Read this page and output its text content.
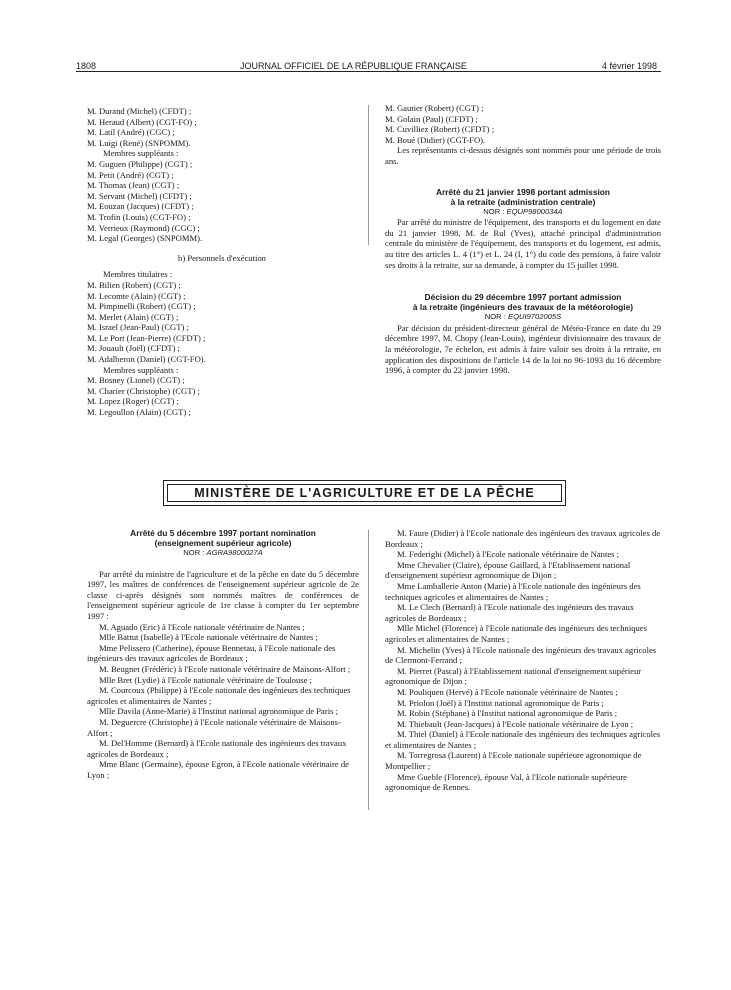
1808	JOURNAL OFFICIEL DE LA RÉPUBLIQUE FRANÇAISE	4 février 1998

M. Durand (Michel) (CFDT) ;

M. Heraud (Albert) (CGT-FO) ;

M. Latil (André) (CGC) ;

M. Luigi (René) (SNPOMM).

Membres suppléants :

M. Guguen (Philippe) (CGT) ;

M. Petit (André) (CGT) ;

M. Thomas (Jean) (CGT) ;

M. Servant (Michel) (CFDT) ;

M. Eouzan (Jacques) (CFDT) ;

M. Trofin (Louis) (CGT-FO) ;

M. Verrieux (Raymond) (CGC) ;

M. Legal (Georges) (SNPOMM).

b) Personnels d'exécution

Membres titulaires :

M. Bilien (Robert) (CGT) ;

M. Lecomte (Alain) (CGT) ;

M. Pimpinelli (Robert) (CGT) ;

M. Merlet (Alain) (CGT) ;

M. Israel (Jean-Paul) (CGT) ;

M. Le Port (Jean-Pierre) (CFDT) ;

M. Jouault (Joël) (CFDT) ;

M. Adalberon (Daniel) (CGT-FO).

Membres suppléants :

M. Bosney (Lionel) (CGT) ;

M. Charier (Christophe) (CGT) ;

M. Lopez (Roger) (CGT) ;

M. Legoullon (Alain) (CGT) ;

M. Gautier (Robert) (CGT) ;

M. Golain (Paul) (CFDT) ;

M. Cuvilliez (Robert) (CFDT) ;

M. Boué (Didier) (CGT-FO).

Les représentants ci-dessus désignés sont nommés pour une période de trois ans.

Arrêté du 21 janvier 1998 portant admission

à la retraite (administration centrale)

NOR : EQUP9800034A

Par arrêté du ministre de l'équipement, des transports et du logement en date du 21 janvier 1998, M. de Rul (Yves), attaché principal d'administration centrale du ministère de l'équipement, des transports et du logement, est admis, au titre des articles L. 4 (1°) et L. 24 (I, 1°) du code des pensions, à faire valoir ses droits à la retraite, sur sa demande, à compter du 15 juillet 1998.

Décision du 29 décembre 1997 portant admission

à la retraite (ingénieurs des travaux de la météorologie)

NOR : EQUI9702005S

Par décision du président-directeur général de Météo-France en date du 29 décembre 1997, M. Chopy (Jean-Louis), ingénieur divisionnaire des travaux de la météorologie, 7e échelon, est admis à faire valoir ses droits à la retraite, en application des dispositions de l'article 14 de la loi no 96-1093 du 16 décembre 1996, à compter du 22 janvier 1998.

MINISTÈRE DE L'AGRICULTURE ET DE LA PÊCHE

Arrêté du 5 décembre 1997 portant nomination

(enseignement supérieur agricole)

NOR : AGRA9800027A

Par arrêté du ministre de l'agriculture et de la pêche en date du 5 décembre 1997, les maîtres de conférences de l'enseignement supérieur agricole de 2e classe ci-après désignés sont nommés maîtres de conférences de l'enseignement supérieur agricole de 1re classe à compter du 1er septembre 1997 :

M. Aguado (Eric) à l'Ecole nationale vétérinaire de Nantes ;

Mlle Battut (Isabelle) à l'Ecole nationale vétérinaire de Nantes ;

Mme Pelissero (Catherine), épouse Bennetau, à l'Ecole nationale des ingénieurs des travaux agricoles de Bordeaux ;

M. Beugnet (Frédéric) à l'Ecole nationale vétérinaire de Maisons-Alfort ;

Mlle Bret (Lydie) à l'Ecole nationale vétérinaire de Toulouse ;

M. Courcoux (Philippe) à l'Ecole nationale des ingénieurs des techniques agricoles et alimentaires de Nantes ;

Mlle Davila (Anne-Marie) à l'Institut national agronomique de Paris ;

M. Deguercre (Christophe) à l'Ecole nationale vétérinaire de Maisons-Alfort ;

M. Del'Homme (Bernard) à l'Ecole nationale des ingénieurs des travaux agricoles de Bordeaux ;

Mme Blanc (Germaine), épouse Egron, à l'Ecole nationale vétérinaire de Lyon ;

M. Faure (Didier) à l'Ecole nationale des ingénieurs des travaux agricoles de Bordeaux ;

M. Federighi (Michel) à l'Ecole nationale vétérinaire de Nantes ;

Mme Chevalier (Claire), épouse Gaillard, à l'Etablissement national d'enseignement supérieur agronomique de Dijon ;

Mme Lamballerie Anton (Marie) à l'Ecole nationale des ingénieurs des techniques agricoles et alimentaires de Nantes ;

M. Le Clech (Bernard) à l'Ecole nationale des ingénieurs des travaux agricoles de Bordeaux ;

Mlle Michel (Florence) à l'Ecole nationale des ingénieurs des techniques agricoles et alimentaires de Nantes ;

M. Michelin (Yves) à l'Ecole nationale des ingénieurs des travaux agricoles de Clermont-Ferrand ;

M. Pierret (Pascal) à l'Etablissement national d'enseignement supérieur agronomique de Dijon ;

M. Pouliquen (Hervé) à l'Ecole nationale vétérinaire de Nantes ;

M. Priolon (Joël) à l'Institut national agronomique de Paris ;

M. Robin (Stéphane) à l'Institut national agronomique de Paris ;

M. Thiebault (Jean-Jacques) à l'Ecole nationale vétérinaire de Lyon ;

M. Thiel (Daniel) à l'Ecole nationale des ingénieurs des techniques agricoles et alimentaires de Nantes ;

M. Torregrosa (Laurent) à l'Ecole nationale supérieure agronomique de Montpellier ;

Mme Gueble (Florence), épouse Val, à l'Ecole nationale supérieure agronomique de Rennes.
